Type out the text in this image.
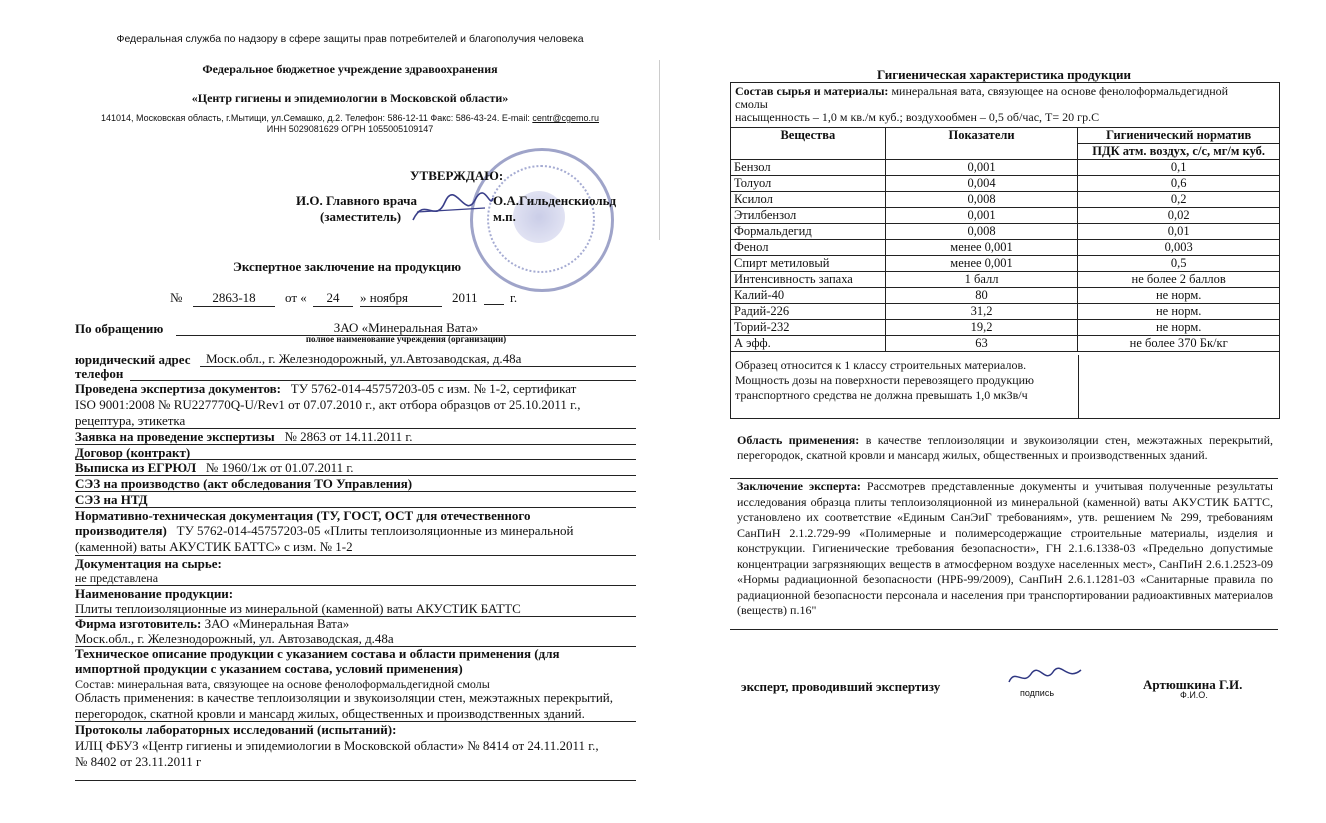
Федеральная служба по надзору в сфере защиты прав потребителей и благополучия человека
Федеральное бюджетное учреждение здравоохранения
«Центр гигиены и эпидемиологии в Московской области»
141014, Московская область, г.Мытищи, ул.Семашко, д.2. Телефон: 586-12-11 Факс: 586-43-24. E-mail: centr@cgemo.ru
ИНН 5029081629 ОГРН 1055005109147
УТВЕРЖДАЮ:
И.О. Главного врача	О.А.Гильденскиольд
(заместитель)	м.п.
Экспертное заключение на продукцию
№	2863-18	от «	24	» ноября	2011 г.
По обращению	ЗАО «Минеральная Вата»
полное наименование учреждения (организации)
юридический адрес Моск.обл., г. Железнодорожный, ул.Автозаводская, д.48а
телефон
Проведена экспертиза документов: ТУ 5762-014-45757203-05 с изм. № 1-2, сертификат
ISO 9001:2008 № RU227770Q-U/Rev1 от 07.07.2010 г., акт отбора образцов от 25.10.2011 г.,
рецептура, этикетка
Заявка на проведение экспертизы № 2863 от 14.11.2011 г.
Договор (контракт)
Выписка из ЕГРЮЛ № 1960/1ж от 01.07.2011 г.
СЭЗ на производство (акт обследования ТО Управления)
СЭЗ на НТД
Нормативно-техническая документация (ТУ, ГОСТ, ОСТ для отечественного
производителя) ТУ 5762-014-45757203-05 «Плиты теплоизоляционные из минеральной
(каменной) ваты АКУСТИК БАТТС» с изм. № 1-2
Документация на сырье:
не представлена
Наименование продукции:
Плиты теплоизоляционные из минеральной (каменной) ваты АКУСТИК БАТТС
Фирма изготовитель: ЗАО «Минеральная Вата»
Моск.обл., г. Железнодорожный, ул. Автозаводская, д.48а
Техническое описание продукции с указанием состава и области применения (для
импортной продукции с указанием состава, условий применения)
Состав: минеральная вата, связующее на основе фенолоформальдегидной смолы
Область применения: в качестве теплоизоляции и звукоизоляции стен, межэтажных перекрытий,
перегородок, скатной кровли и мансард жилых, общественных и производственных зданий.
Протоколы лабораторных исследований (испытаний):
ИЛЦ ФБУЗ «Центр гигиены и эпидемиологии в Московской области» № 8414 от 24.11.2011 г.,
№ 8402 от 23.11.2011 г
Гигиеническая характеристика продукции
Состав сырья и материалы: минеральная вата, связующее на основе фенолоформальдегидной
смолы
насыщенность – 1,0 м кв./м куб.; воздухообмен – 0,5 об/час, Т= 20 гр.С
Вещества	Показатели	Гигиенический норматив
		ПДК атм. воздух, с/с, мг/м куб.
Бензол	0,001	0,1
Толуол	0,004	0,6
Ксилол	0,008	0,2
Этилбензол	0,001	0,02
Формальдегид	0,008	0,01
Фенол	менее 0,001	0,003
Спирт метиловый	менее 0,001	0,5
Интенсивность запаха	1 балл	не более 2 баллов
Калий-40	80	не норм.
Радий-226	31,2	не норм.
Торий-232	19,2	не норм.
А эфф.	63	не более 370 Бк/кг
Образец относится к 1 классу строительных материалов.
Мощность дозы на поверхности перевозящего продукцию
транспортного средства не должна превышать 1,0 мкЗв/ч
Область применения: в качестве теплоизоляции и звукоизоляции стен, межэтажных перекрытий, перегородок, скатной кровли и мансард жилых, общественных и производственных зданий.
Заключение эксперта: Рассмотрев представленные документы и учитывая полученные результаты исследования образца плиты теплоизоляционной из минеральной (каменной) ваты АКУСТИК БАТТС, установлено их соответствие «Единым СанЭиГ требованиям», утв. решением № 299, требованиям СанПиН 2.1.2.729-99 «Полимерные и полимерсодержащие строительные материалы, изделия и конструкции. Гигиенические требования безопасности», ГН 2.1.6.1338-03 «Предельно допустимые концентрации загрязняющих веществ в атмосферном воздухе населенных мест», СанПиН 2.6.1.2523-09 «Нормы радиационной безопасности (НРБ-99/2009), СанПиН 2.6.1.1281-03 «Санитарные правила по радиационной безопасности персонала и населения при транспортировании радиоактивных материалов (веществ) п.16"
эксперт, проводивший экспертизу	подпись
Артюшкина Г.И.
Ф.И.О.
